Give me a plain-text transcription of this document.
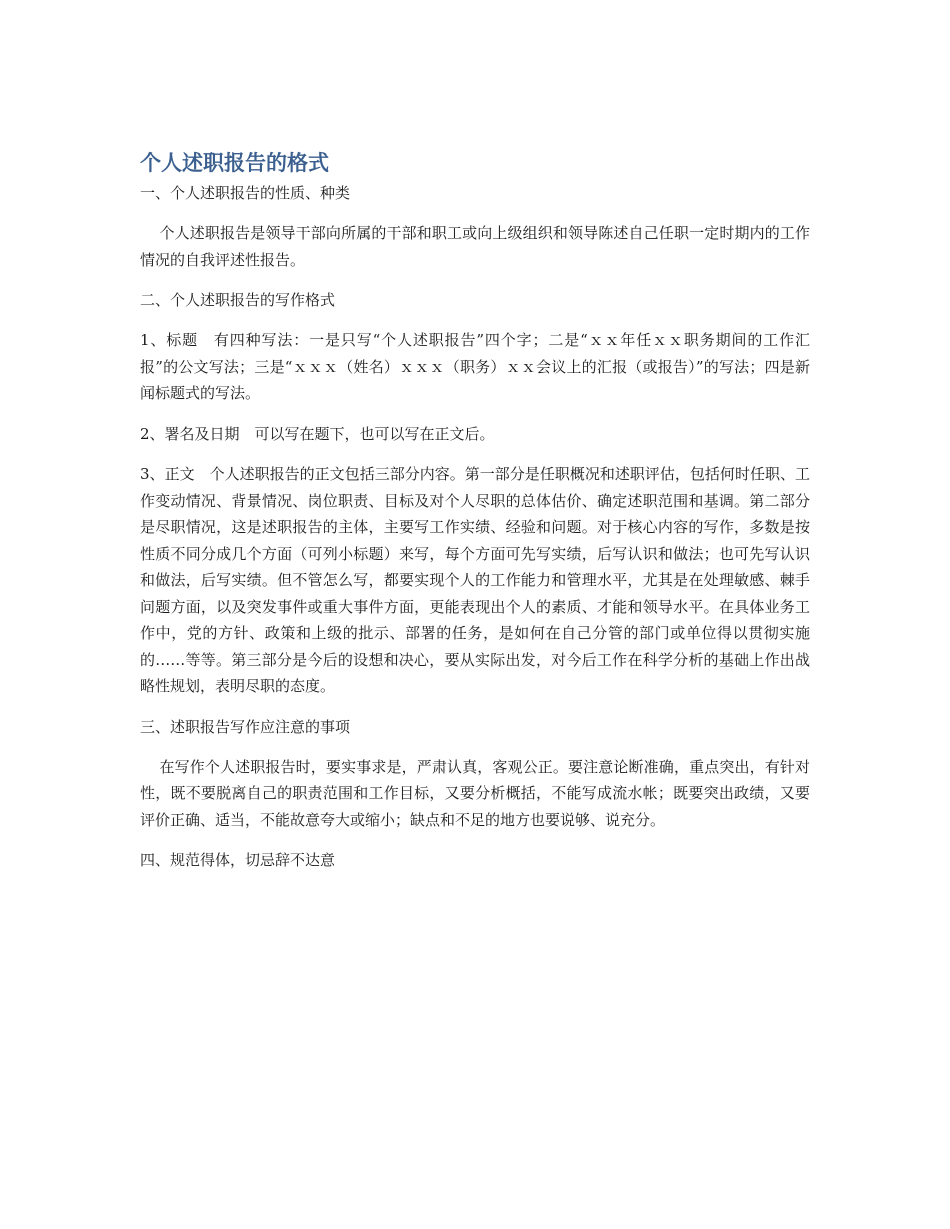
个人述职报告的格式
一、个人述职报告的性质、种类

个人述职报告是领导干部向所属的干部和职工或向上级组织和领导陈述自己任职一定时期内的工作情况的自我评述性报告。

二、个人述职报告的写作格式

1、标题　有四种写法：一是只写“个人述职报告”四个字；二是“ｘｘ年任ｘｘ职务期间的工作汇报”的公文写法；三是“ｘｘｘ（姓名）ｘｘｘ（职务）ｘｘ会议上的汇报（或报告）”的写法；四是新闻标题式的写法。

2、署名及日期　可以写在题下，也可以写在正文后。

3、正文　个人述职报告的正文包括三部分内容。第一部分是任职概况和述职评估，包括何时任职、工作变动情况、背景情况、岗位职责、目标及对个人尽职的总体估价、确定述职范围和基调。第二部分是尽职情况，这是述职报告的主体，主要写工作实绩、经验和问题。对于核心内容的写作，多数是按性质不同分成几个方面（可列小标题）来写，每个方面可先写实绩，后写认识和做法；也可先写认识和做法，后写实绩。但不管怎么写，都要实现个人的工作能力和管理水平，尤其是在处理敏感、棘手问题方面，以及突发事件或重大事件方面，更能表现出个人的素质、才能和领导水平。在具体业务工作中，党的方针、政策和上级的批示、部署的任务，是如何在自己分管的部门或单位得以贯彻实施的……等等。第三部分是今后的设想和决心，要从实际出发，对今后工作在科学分析的基础上作出战略性规划，表明尽职的态度。

三、述职报告写作应注意的事项

在写作个人述职报告时，要实事求是，严肃认真，客观公正。要注意论断准确，重点突出，有针对性，既不要脱离自己的职责范围和工作目标，又要分析概括，不能写成流水帐；既要突出政绩，又要评价正确、适当，不能故意夸大或缩小；缺点和不足的地方也要说够、说充分。

四、规范得体，切忌辞不达意
